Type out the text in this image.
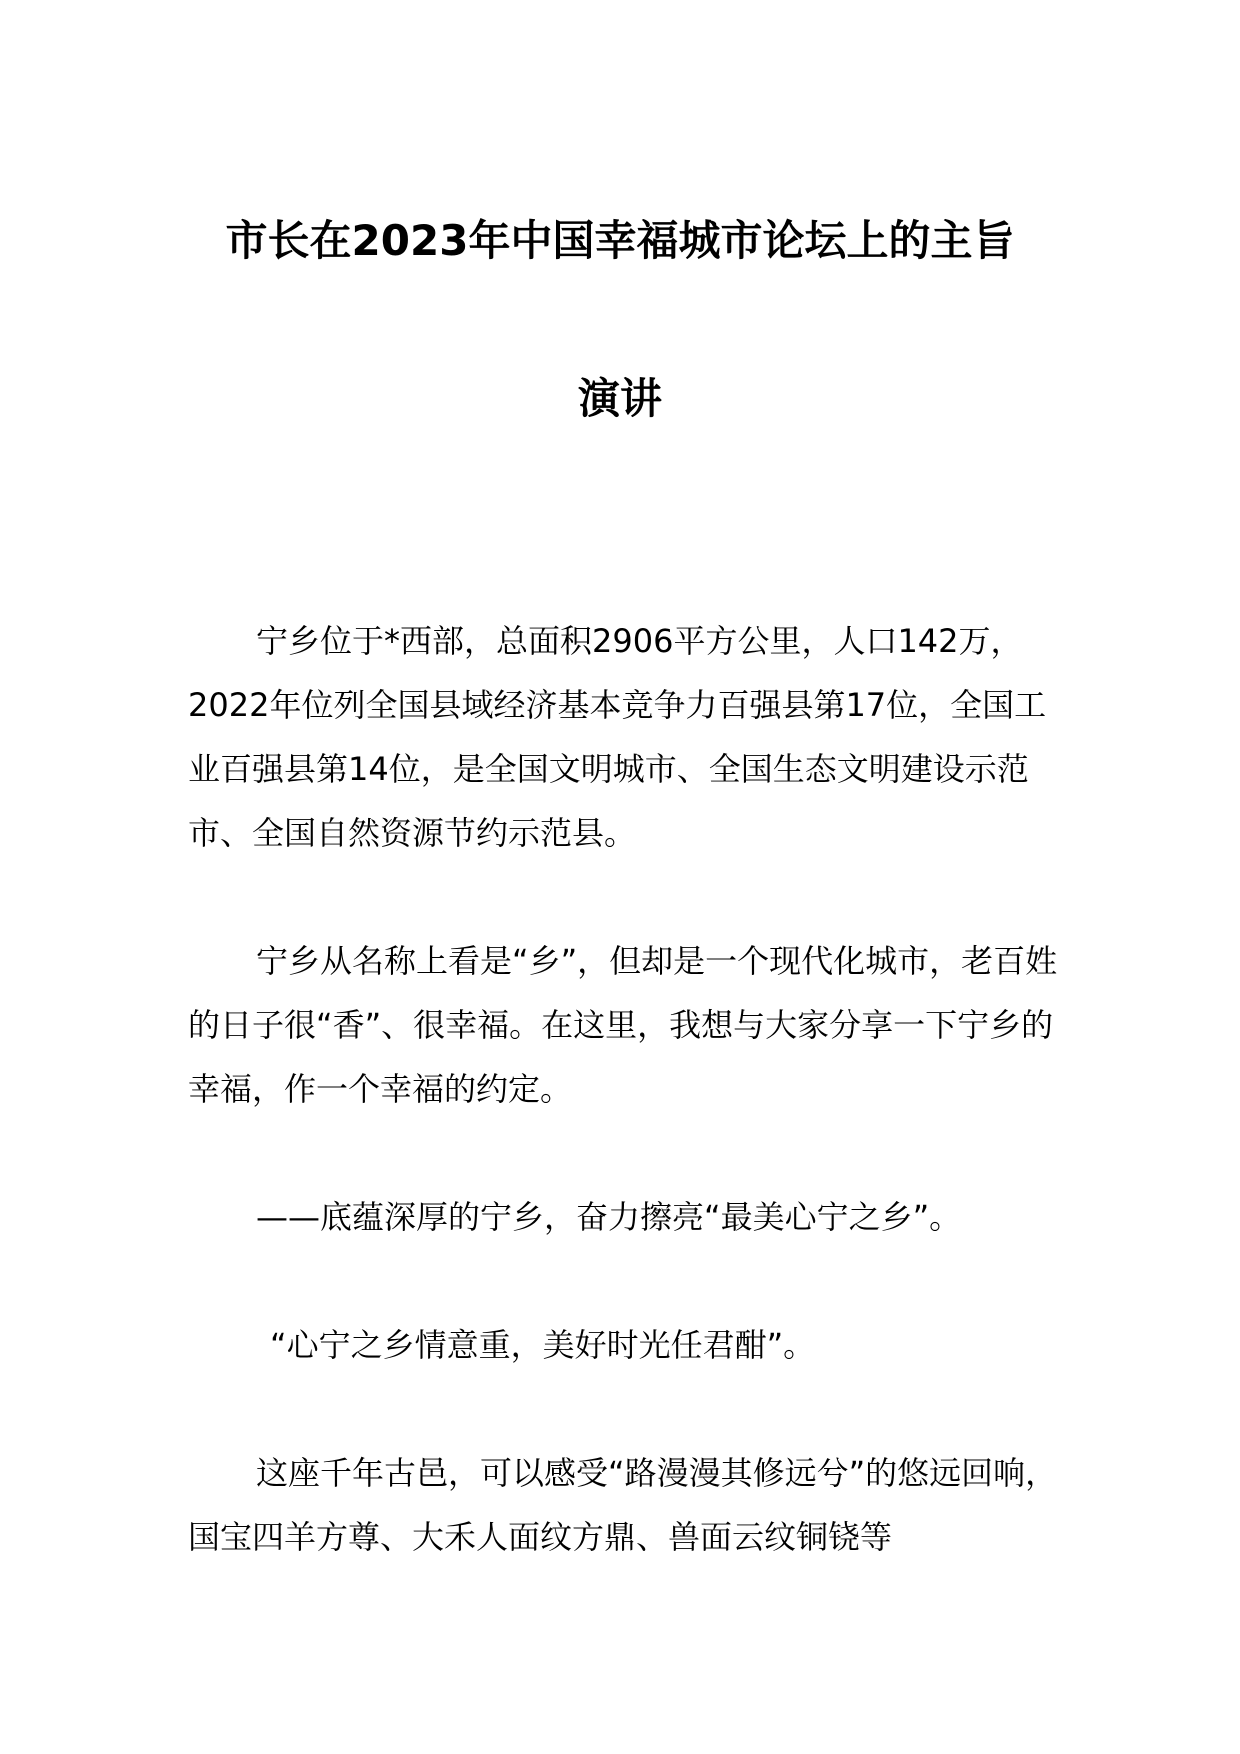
市长在2023年中国幸福城市论坛上的主旨
演讲

宁乡位于*西部，总面积2906平方公里，人口142万，2022年位列全国县域经济基本竞争力百强县第17位，全国工业百强县第14位，是全国文明城市、全国生态文明建设示范市、全国自然资源节约示范县。

宁乡从名称上看是“乡”，但却是一个现代化城市，老百姓的日子很“香”、很幸福。在这里，我想与大家分享一下宁乡的幸福，作一个幸福的约定。

——底蕴深厚的宁乡，奋力擦亮“最美心宁之乡”。

“心宁之乡情意重，美好时光任君酣”。

这座千年古邑，可以感受“路漫漫其修远兮”的悠远回响，国宝四羊方尊、大禾人面纹方鼎、兽面云纹铜铙等
